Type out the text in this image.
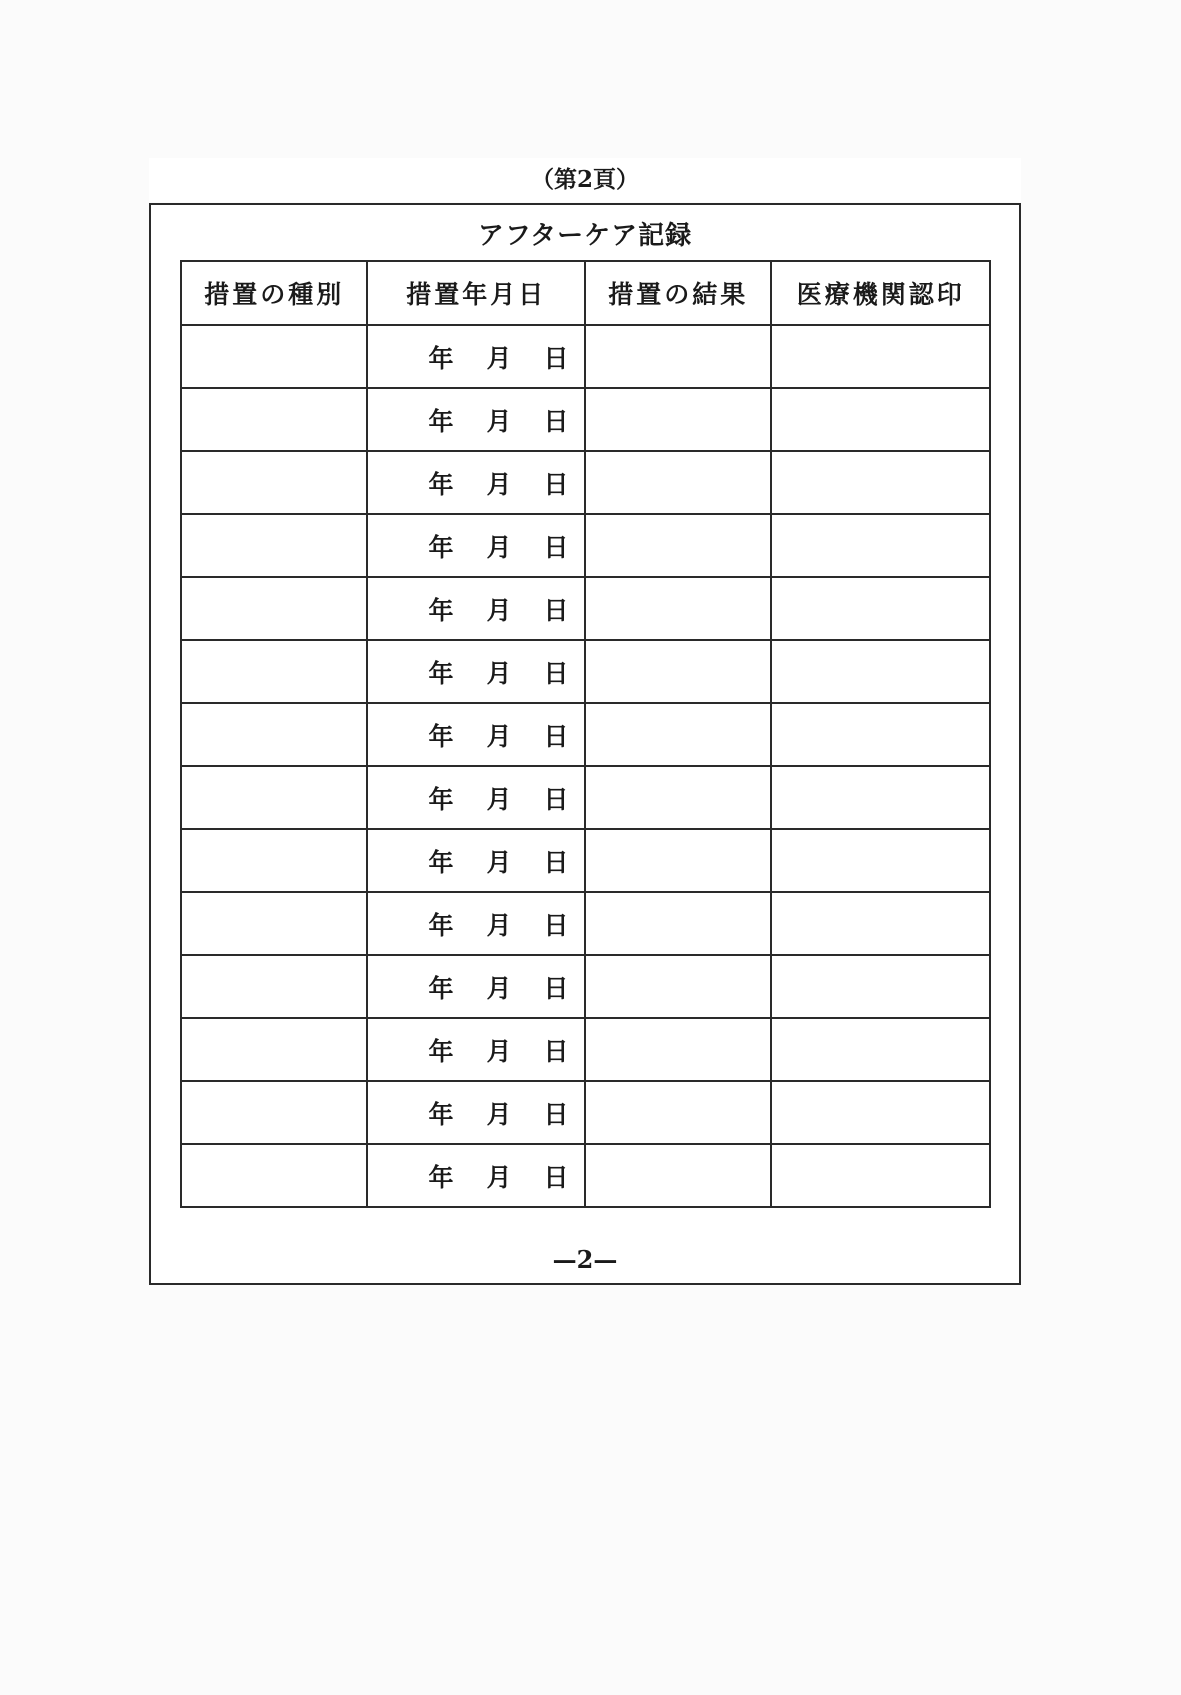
（第2頁）
アフターケア記録
措置の種別	措置年月日	措置の結果	医療機関認印

	年 月 日		

	年 月 日		

	年 月 日		

	年 月 日		

	年 月 日		

	年 月 日		

	年 月 日		

	年 月 日		

	年 月 日		

	年 月 日		

	年 月 日		

	年 月 日		

	年 月 日		

	年 月 日		

—2—
